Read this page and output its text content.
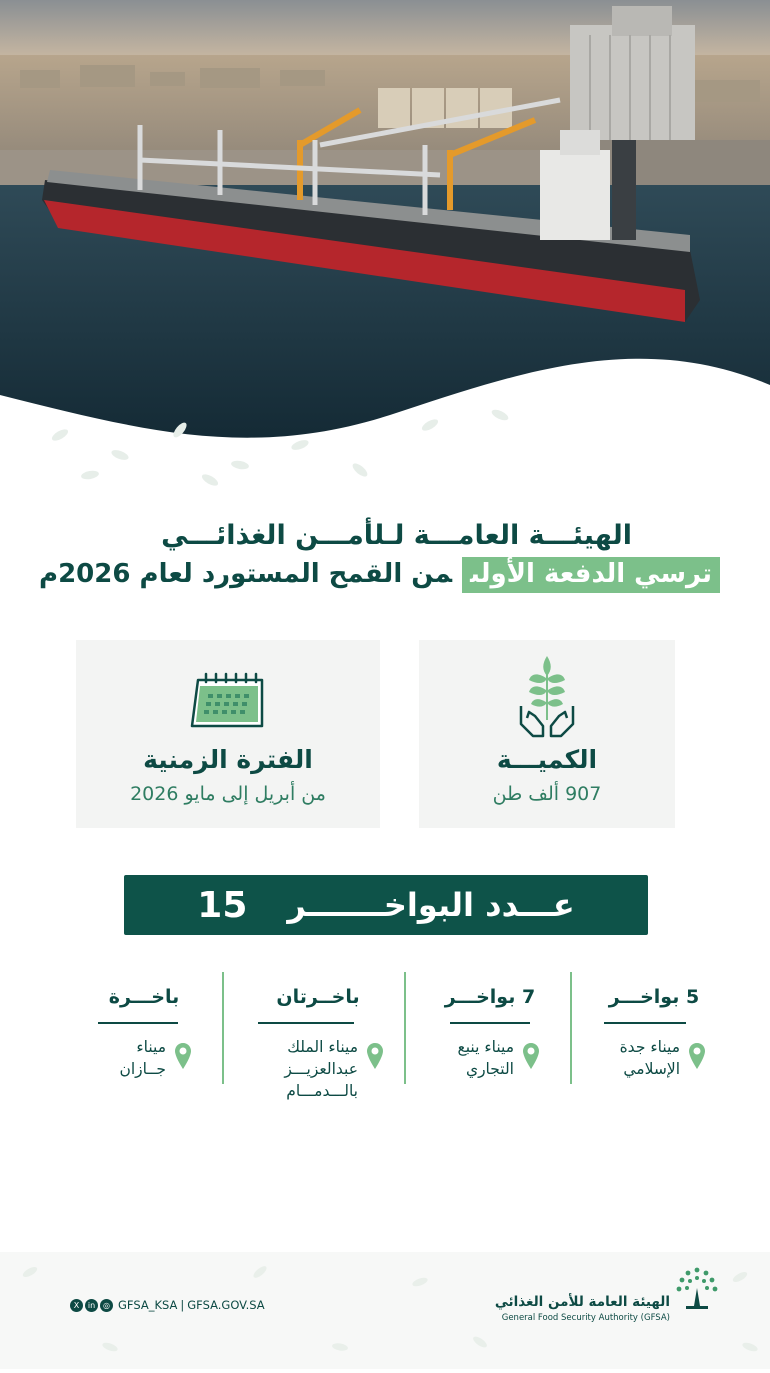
الهيئـــة العامـــة لـلأمـــن الغذائـــي
ترسي الدفعة الأولىمن القمح المستورد لعام 2026م
الكميـــة
907 ألف طن
الفترة الزمنية
من أبريل إلى مايو 2026
عـــدد البواخـــــــر
15
5 بواخـــر
ميناء جدة
الإسلامي
7 بواخـــر
ميناء ينبع
التجاري
باخــرتان
ميناء الملك
عبدالعزيـــز
بالـــدمـــام
باخـــرة
ميناء
جــازان
X	in ◎ GFSA_KSA | GFSA.GOV.SA	الهيئة العامة للأمن الغذائي
General Food Security Authority (GFSA)
